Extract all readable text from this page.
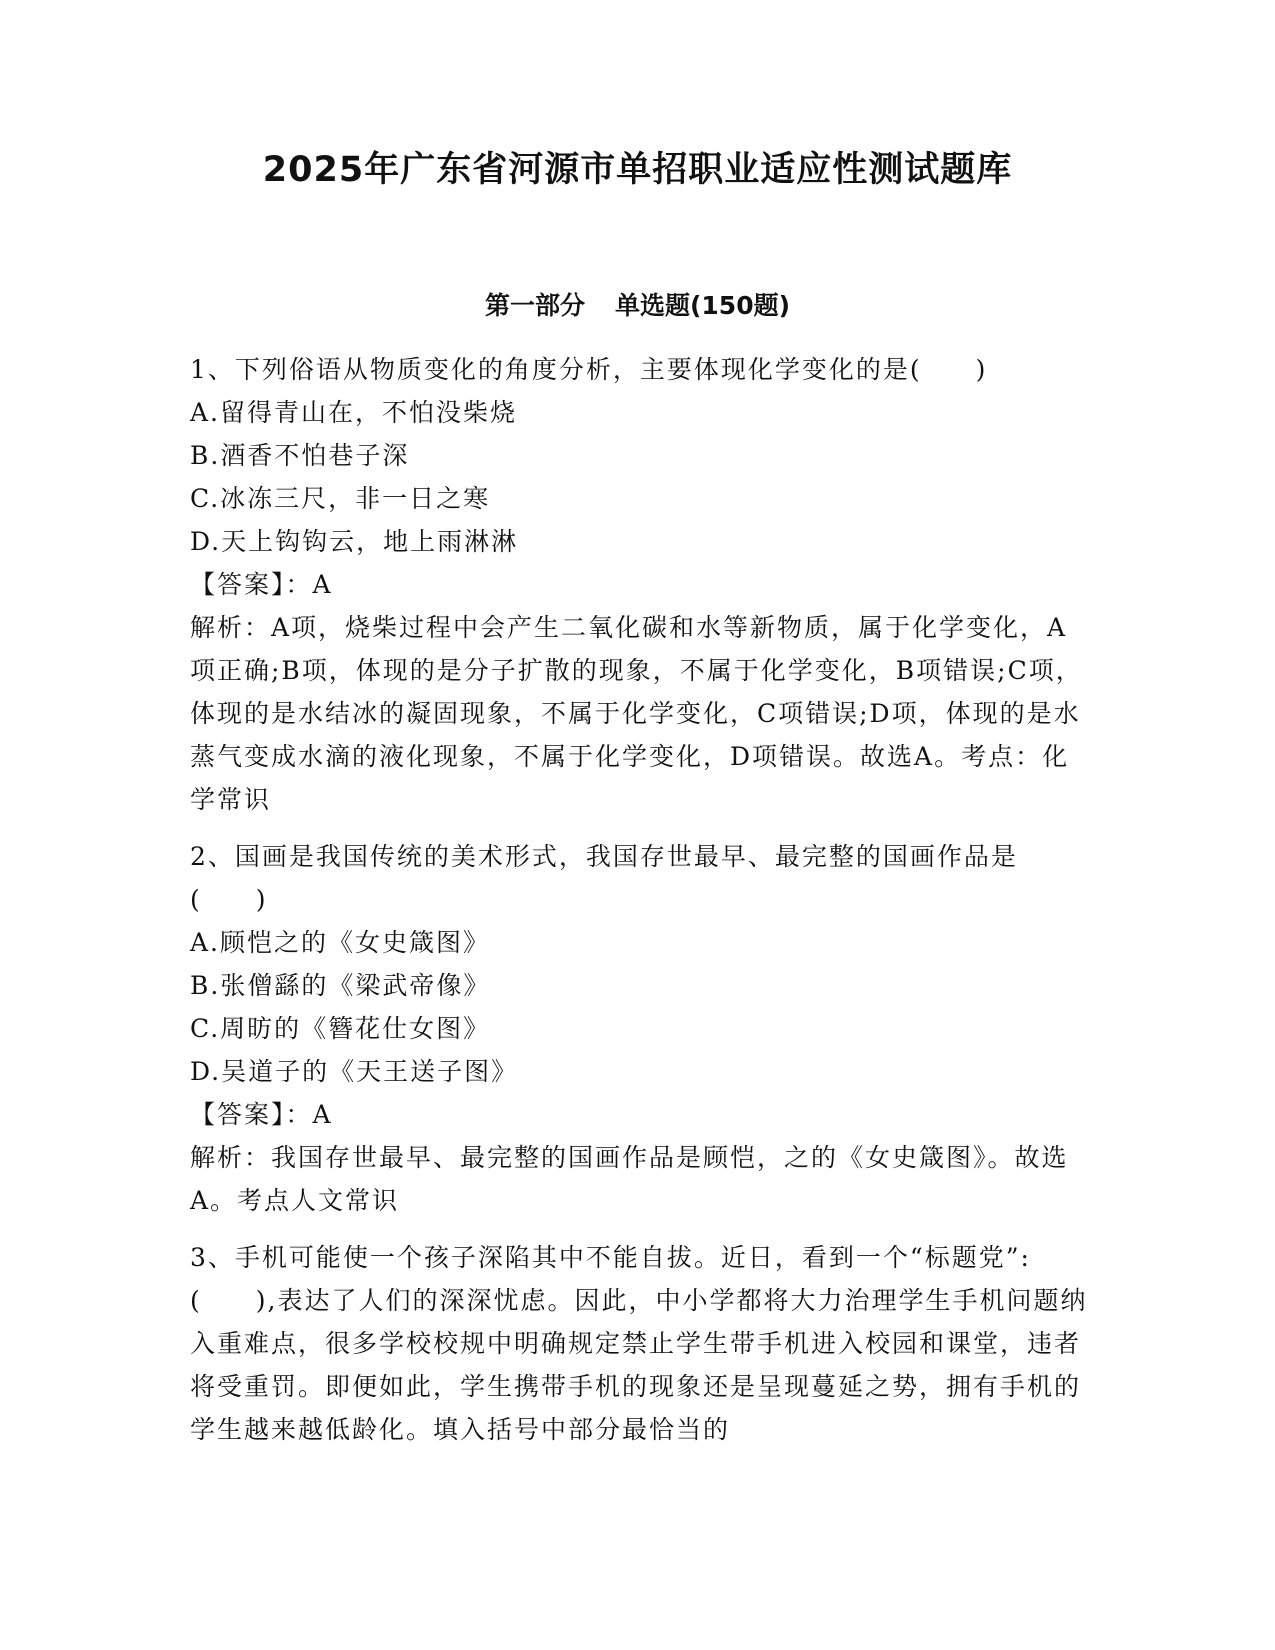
2025年广东省河源市单招职业适应性测试题库
第一部分 单选题(150题)

1、下列俗语从物质变化的角度分析，主要体现化学变化的是(　　)

A.留得青山在，不怕没柴烧

B.酒香不怕巷子深

C.冰冻三尺，非一日之寒

D.天上钩钩云，地上雨淋淋

【答案】：A

解析：A项，烧柴过程中会产生二氧化碳和水等新物质，属于化学变化，A项正确;B项，体现的是分子扩散的现象，不属于化学变化，B项错误;C项，体现的是水结冰的凝固现象，不属于化学变化，C项错误;D项，体现的是水蒸气变成水滴的液化现象，不属于化学变化，D项错误。故选A。考点：化学常识

2、国画是我国传统的美术形式，我国存世最早、最完整的国画作品是

(　　)

A.顾恺之的《女史箴图》

B.张僧繇的《梁武帝像》

C.周昉的《簪花仕女图》

D.吴道子的《天王送子图》

【答案】：A

解析：我国存世最早、最完整的国画作品是顾恺，之的《女史箴图》。故选A。考点人文常识

3、手机可能使一个孩子深陷其中不能自拔。近日，看到一个“标题党”:(　　),表达了人们的深深忧虑。因此，中小学都将大力治理学生手机问题纳入重难点，很多学校校规中明确规定禁止学生带手机进入校园和课堂，违者将受重罚。即便如此，学生携带手机的现象还是呈现蔓延之势，拥有手机的学生越来越低龄化。填入括号中部分最恰当的
